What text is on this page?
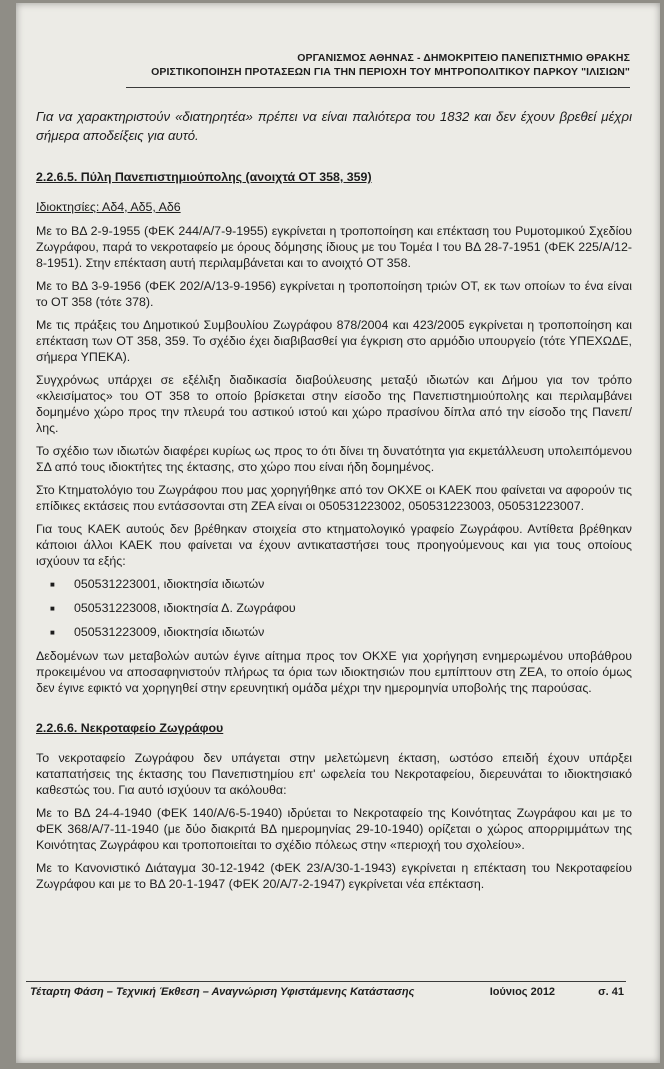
ΟΡΓΑΝΙΣΜΟΣ ΑΘΗΝΑΣ - ΔΗΜΟΚΡΙΤΕΙΟ ΠΑΝΕΠΙΣΤΗΜΙΟ ΘΡΑΚΗΣ
ΟΡΙΣΤΙΚΟΠΟΙΗΣΗ ΠΡΟΤΑΣΕΩΝ ΓΙΑ ΤΗΝ ΠΕΡΙΟΧΗ ΤΟΥ ΜΗΤΡΟΠΟΛΙΤΙΚΟΥ ΠΑΡΚΟΥ "ΙΛΙΣΙΩΝ"

Για να χαρακτηριστούν «διατηρητέα» πρέπει να είναι παλιότερα του 1832 και δεν έχουν βρεθεί μέχρι σήμερα αποδείξεις για αυτό.

2.2.6.5. Πύλη Πανεπιστημιούπολης (ανοιχτά ΟΤ 358, 359)
Ιδιοκτησίες: Αδ4, Αδ5, Αδ6

Με το ΒΔ 2-9-1955 (ΦΕΚ 244/Α/7-9-1955) εγκρίνεται η τροποποίηση και επέκταση του Ρυμοτομικού Σχεδίου Ζωγράφου, παρά το νεκροταφείο με όρους δόμησης ίδιους με του Τομέα Ι του ΒΔ 28-7-1951 (ΦΕΚ 225/Α/12-8-1951). Στην επέκταση αυτή περιλαμβάνεται και το ανοιχτό ΟΤ 358.

Με το ΒΔ 3-9-1956 (ΦΕΚ 202/Α/13-9-1956) εγκρίνεται η τροποποίηση τριών ΟΤ, εκ των οποίων το ένα είναι το ΟΤ 358 (τότε 378).

Με τις πράξεις του Δημοτικού Συμβουλίου Ζωγράφου 878/2004 και 423/2005 εγκρίνεται η τροποποίηση και επέκταση των ΟΤ 358, 359. Το σχέδιο έχει διαβιβασθεί για έγκριση στο αρμόδιο υπουργείο (τότε ΥΠΕΧΩΔΕ, σήμερα ΥΠΕΚΑ).

Συγχρόνως υπάρχει σε εξέλιξη διαδικασία διαβούλευσης μεταξύ ιδιωτών και Δήμου για τον τρόπο «κλεισίματος» του ΟΤ 358 το οποίο βρίσκεται στην είσοδο της Πανεπιστημιούπολης και περιλαμβάνει δομημένο χώρο προς την πλευρά του αστικού ιστού και χώρο πρασίνου δίπλα από την είσοδο της Πανεπ/λης.

Το σχέδιο των ιδιωτών διαφέρει κυρίως ως προς το ότι δίνει τη δυνατότητα για εκμετάλλευση υπολειπόμενου ΣΔ από τους ιδιοκτήτες της έκτασης, στο χώρο που είναι ήδη δομημένος.

Στο Κτηματολόγιο του Ζωγράφου που μας χορηγήθηκε από τον ΟΚΧΕ οι ΚΑΕΚ που φαίνεται να αφορούν τις επίδικες εκτάσεις που εντάσσονται στη ΖΕΑ είναι οι 050531223002, 050531223003, 050531223007.

Για τους ΚΑΕΚ αυτούς δεν βρέθηκαν στοιχεία στο κτηματολογικό γραφείο Ζωγράφου. Αντίθετα βρέθηκαν κάποιοι άλλοι ΚΑΕΚ που φαίνεται να έχουν αντικαταστήσει τους προηγούμενους και για τους οποίους ισχύουν τα εξής:

■ 050531223001, ιδιοκτησία ιδιωτών
■ 050531223008, ιδιοκτησία Δ. Ζωγράφου
■ 050531223009, ιδιοκτησία ιδιωτών

Δεδομένων των μεταβολών αυτών έγινε αίτημα προς τον ΟΚΧΕ για χορήγηση ενημερωμένου υποβάθρου προκειμένου να αποσαφηνιστούν πλήρως τα όρια των ιδιοκτησιών που εμπίπτουν στη ΖΕΑ, το οποίο όμως δεν έγινε εφικτό να χορηγηθεί στην ερευνητική ομάδα μέχρι την ημερομηνία υποβολής της παρούσας.

2.2.6.6. Νεκροταφείο Ζωγράφου

Το νεκροταφείο Ζωγράφου δεν υπάγεται στην μελετώμενη έκταση, ωστόσο επειδή έχουν υπάρξει καταπατήσεις της έκτασης του Πανεπιστημίου επ' ωφελεία του Νεκροταφείου, διερευνάται το ιδιοκτησιακό καθεστώς του. Για αυτό ισχύουν τα ακόλουθα:

Με το ΒΔ 24-4-1940 (ΦΕΚ 140/Α/6-5-1940) ιδρύεται το Νεκροταφείο της Κοινότητας Ζωγράφου και με το ΦΕΚ 368/Α/7-11-1940 (με δύο διακριτά ΒΔ ημερομηνίας 29-10-1940) ορίζεται ο χώρος απορριμμάτων της Κοινότητας Ζωγράφου και τροποποιείται το σχέδιο πόλεως στην «περιοχή του σχολείου».

Με το Κανονιστικό Διάταγμα 30-12-1942 (ΦΕΚ 23/Α/30-1-1943) εγκρίνεται η επέκταση του Νεκροταφείου Ζωγράφου και με το ΒΔ 20-1-1947 (ΦΕΚ 20/Α/7-2-1947) εγκρίνεται νέα επέκταση.

Τέταρτη Φάση – Τεχνική Έκθεση – Αναγνώριση Υφιστάμενης Κατάστασης	Ιούνιος 2012	σ. 41
